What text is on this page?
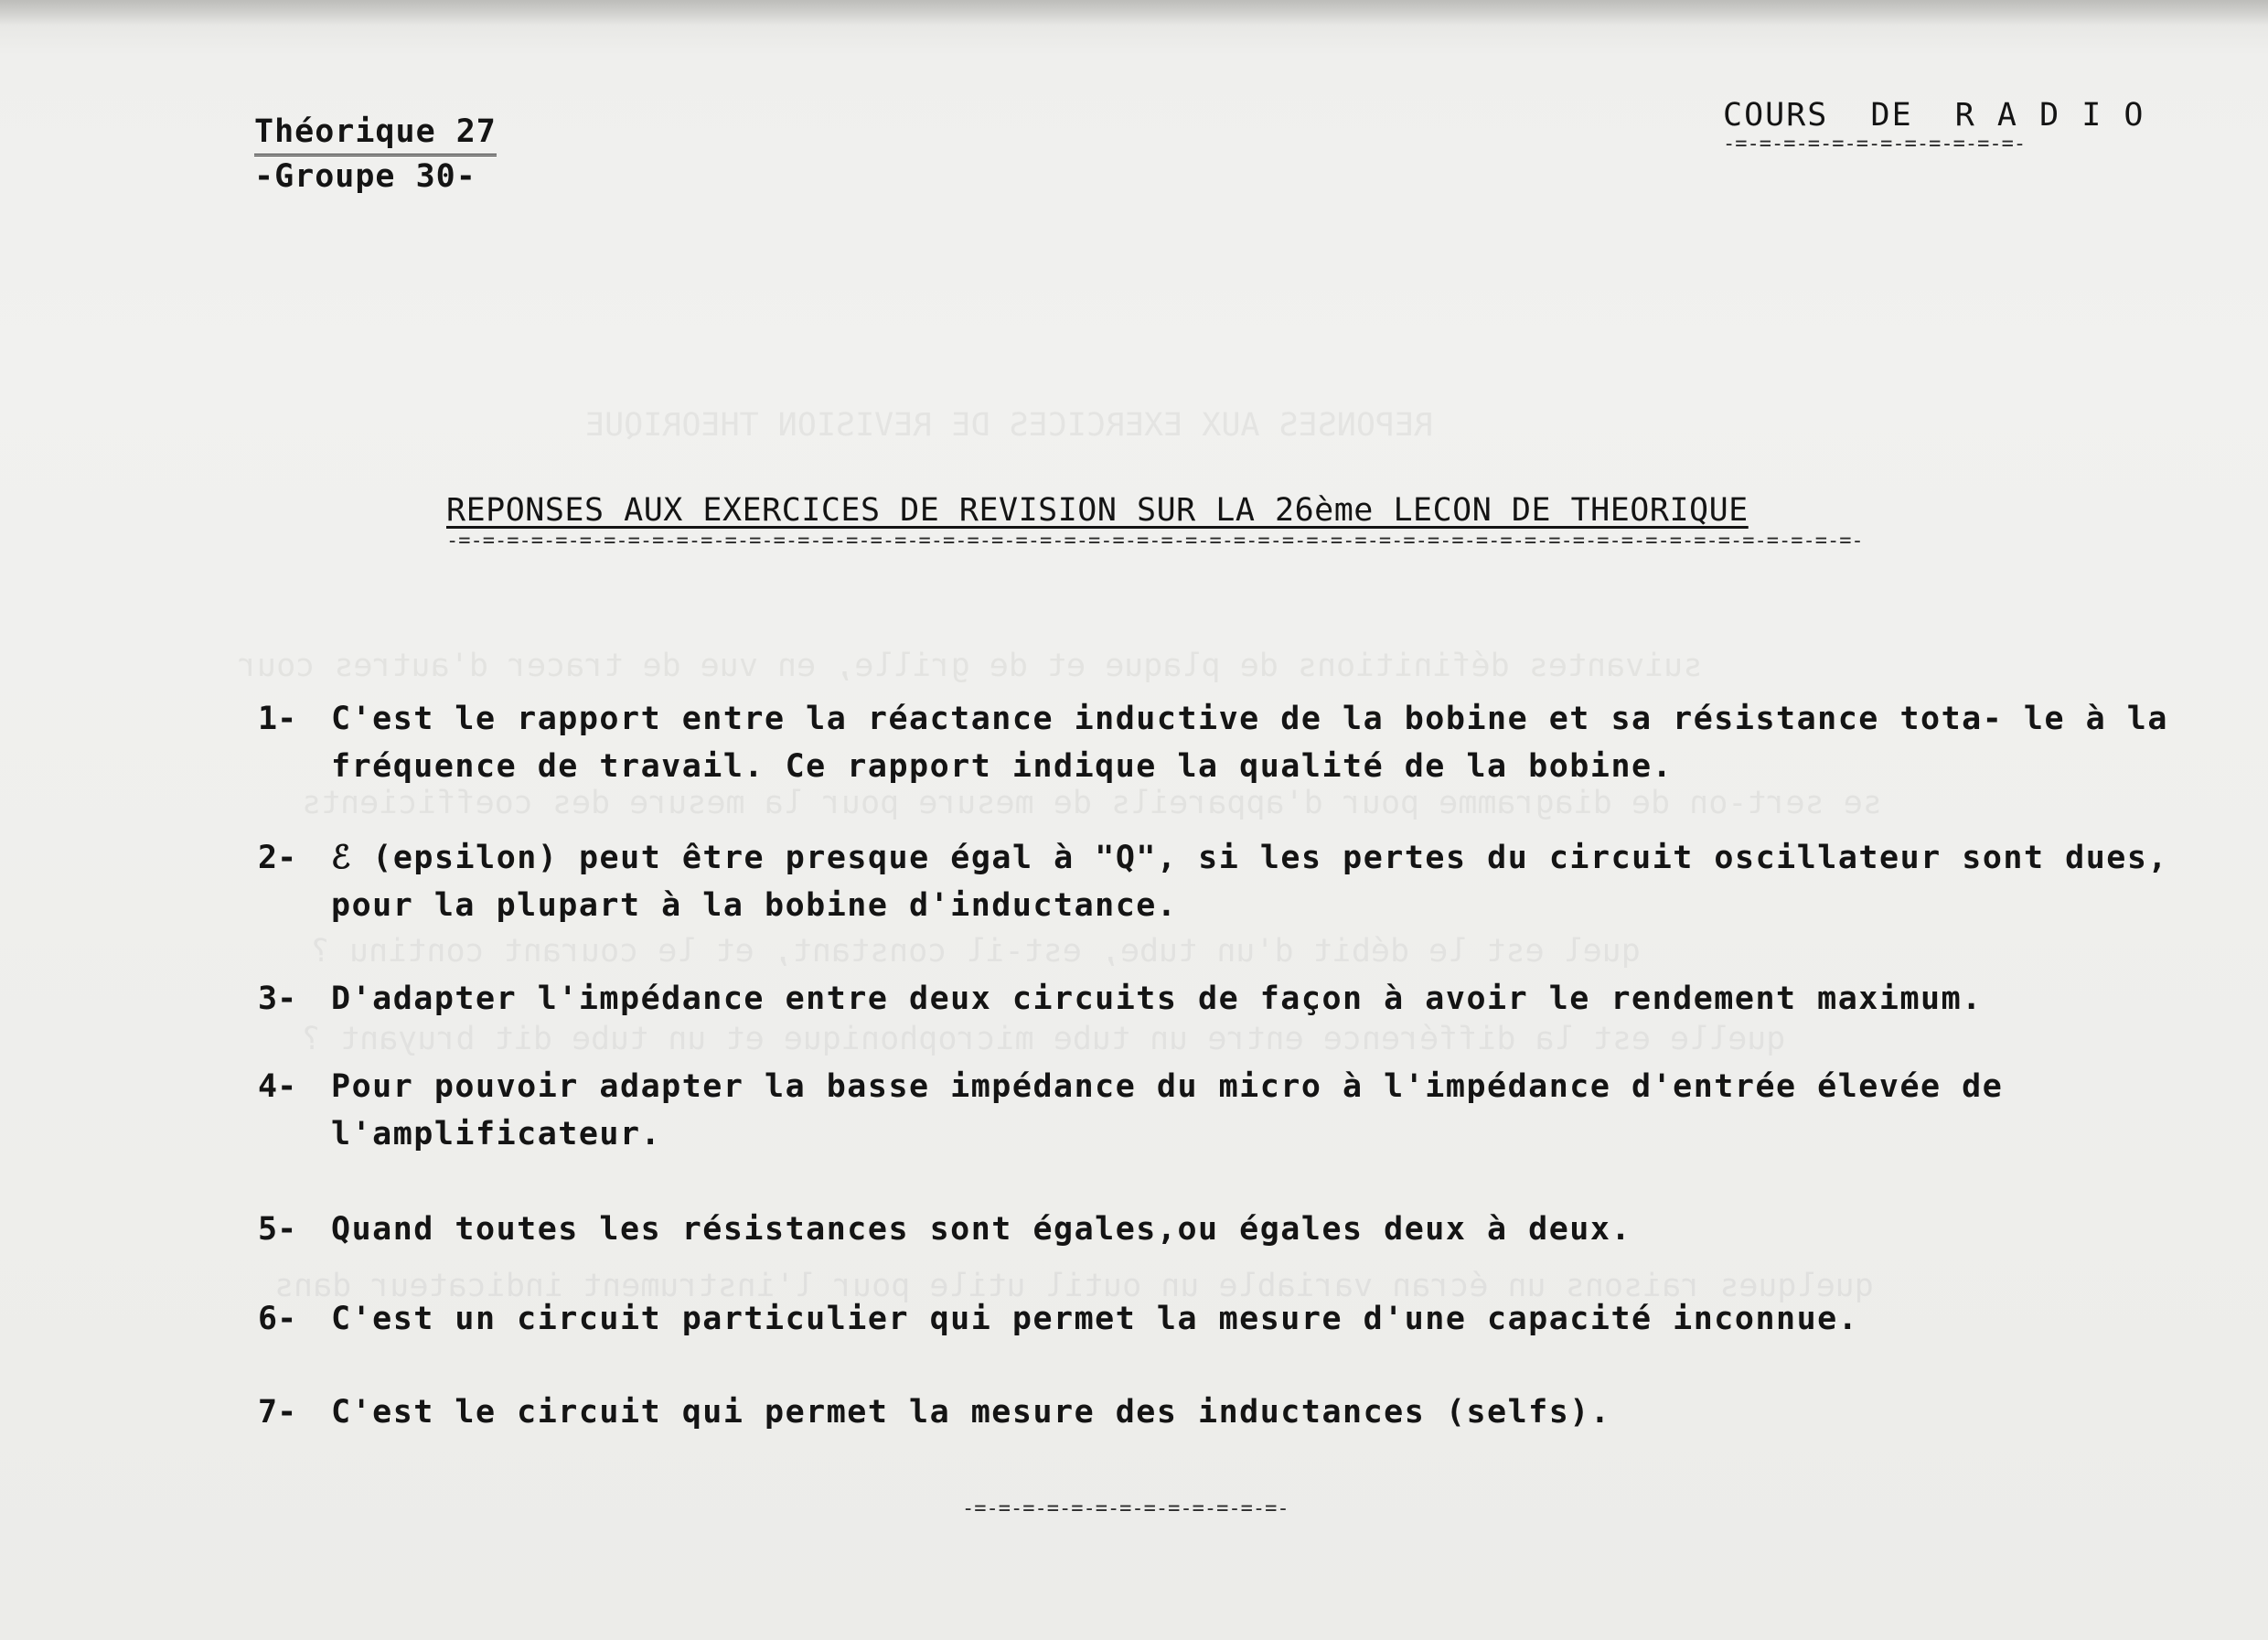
REPONSES AUX EXERCICES DE REVISION THEORIQUE
suivantes définitions de plaque et de grille, en vue de tracer d'autres cour
se sert-on de diagramme pour d'appareils de mesure pour la mesure des coefficients
quel est le débit d'un tube, est-il constant, et le courant continu ?
quelle est la différence entre un tube microphonique et un tube dit bruyant ?
quelques raisons un écran variable un outil utile pour l'instrument indicateur dans
Théorique 27
-Groupe 30-
COURS  DE  R A D I O
-=-=-=-=-=-=-=-=-=-=-=-=-
REPONSES AUX EXERCICES DE REVISION SUR LA 26ème LECON DE THEORIQUE
-=-=-=-=-=-=-=-=-=-=-=-=-=-=-=-=-=-=-=-=-=-=-=-=-=-=-=-=-=-=-=-=-=-=-=-=-=-=-=-=-=-=-=-=-=-=-=-=-=-=-=-=-=-=-=-=-=-=-
1-	C'est le rapport entre la réactance inductive de la bobine et sa résistance tota- le à la fréquence de travail. Ce rapport indique la qualité de la bobine.
2-	ℰ (epsilon) peut être presque égal à "Q", si les pertes du circuit oscillateur sont dues, pour la plupart à la bobine d'inductance.
3-	D'adapter l'impédance entre deux circuits de façon à avoir le rendement maximum.
4-	Pour pouvoir adapter la basse impédance du micro à l'impédance d'entrée élevée de l'amplificateur.
5-	Quand toutes les résistances sont égales,ou égales deux à deux.
6-	C'est un circuit particulier qui permet la mesure d'une capacité inconnue.
7-	C'est le circuit qui permet la mesure des inductances (selfs).
-=-=-=-=-=-=-=-=-=-=-=-=-=-
